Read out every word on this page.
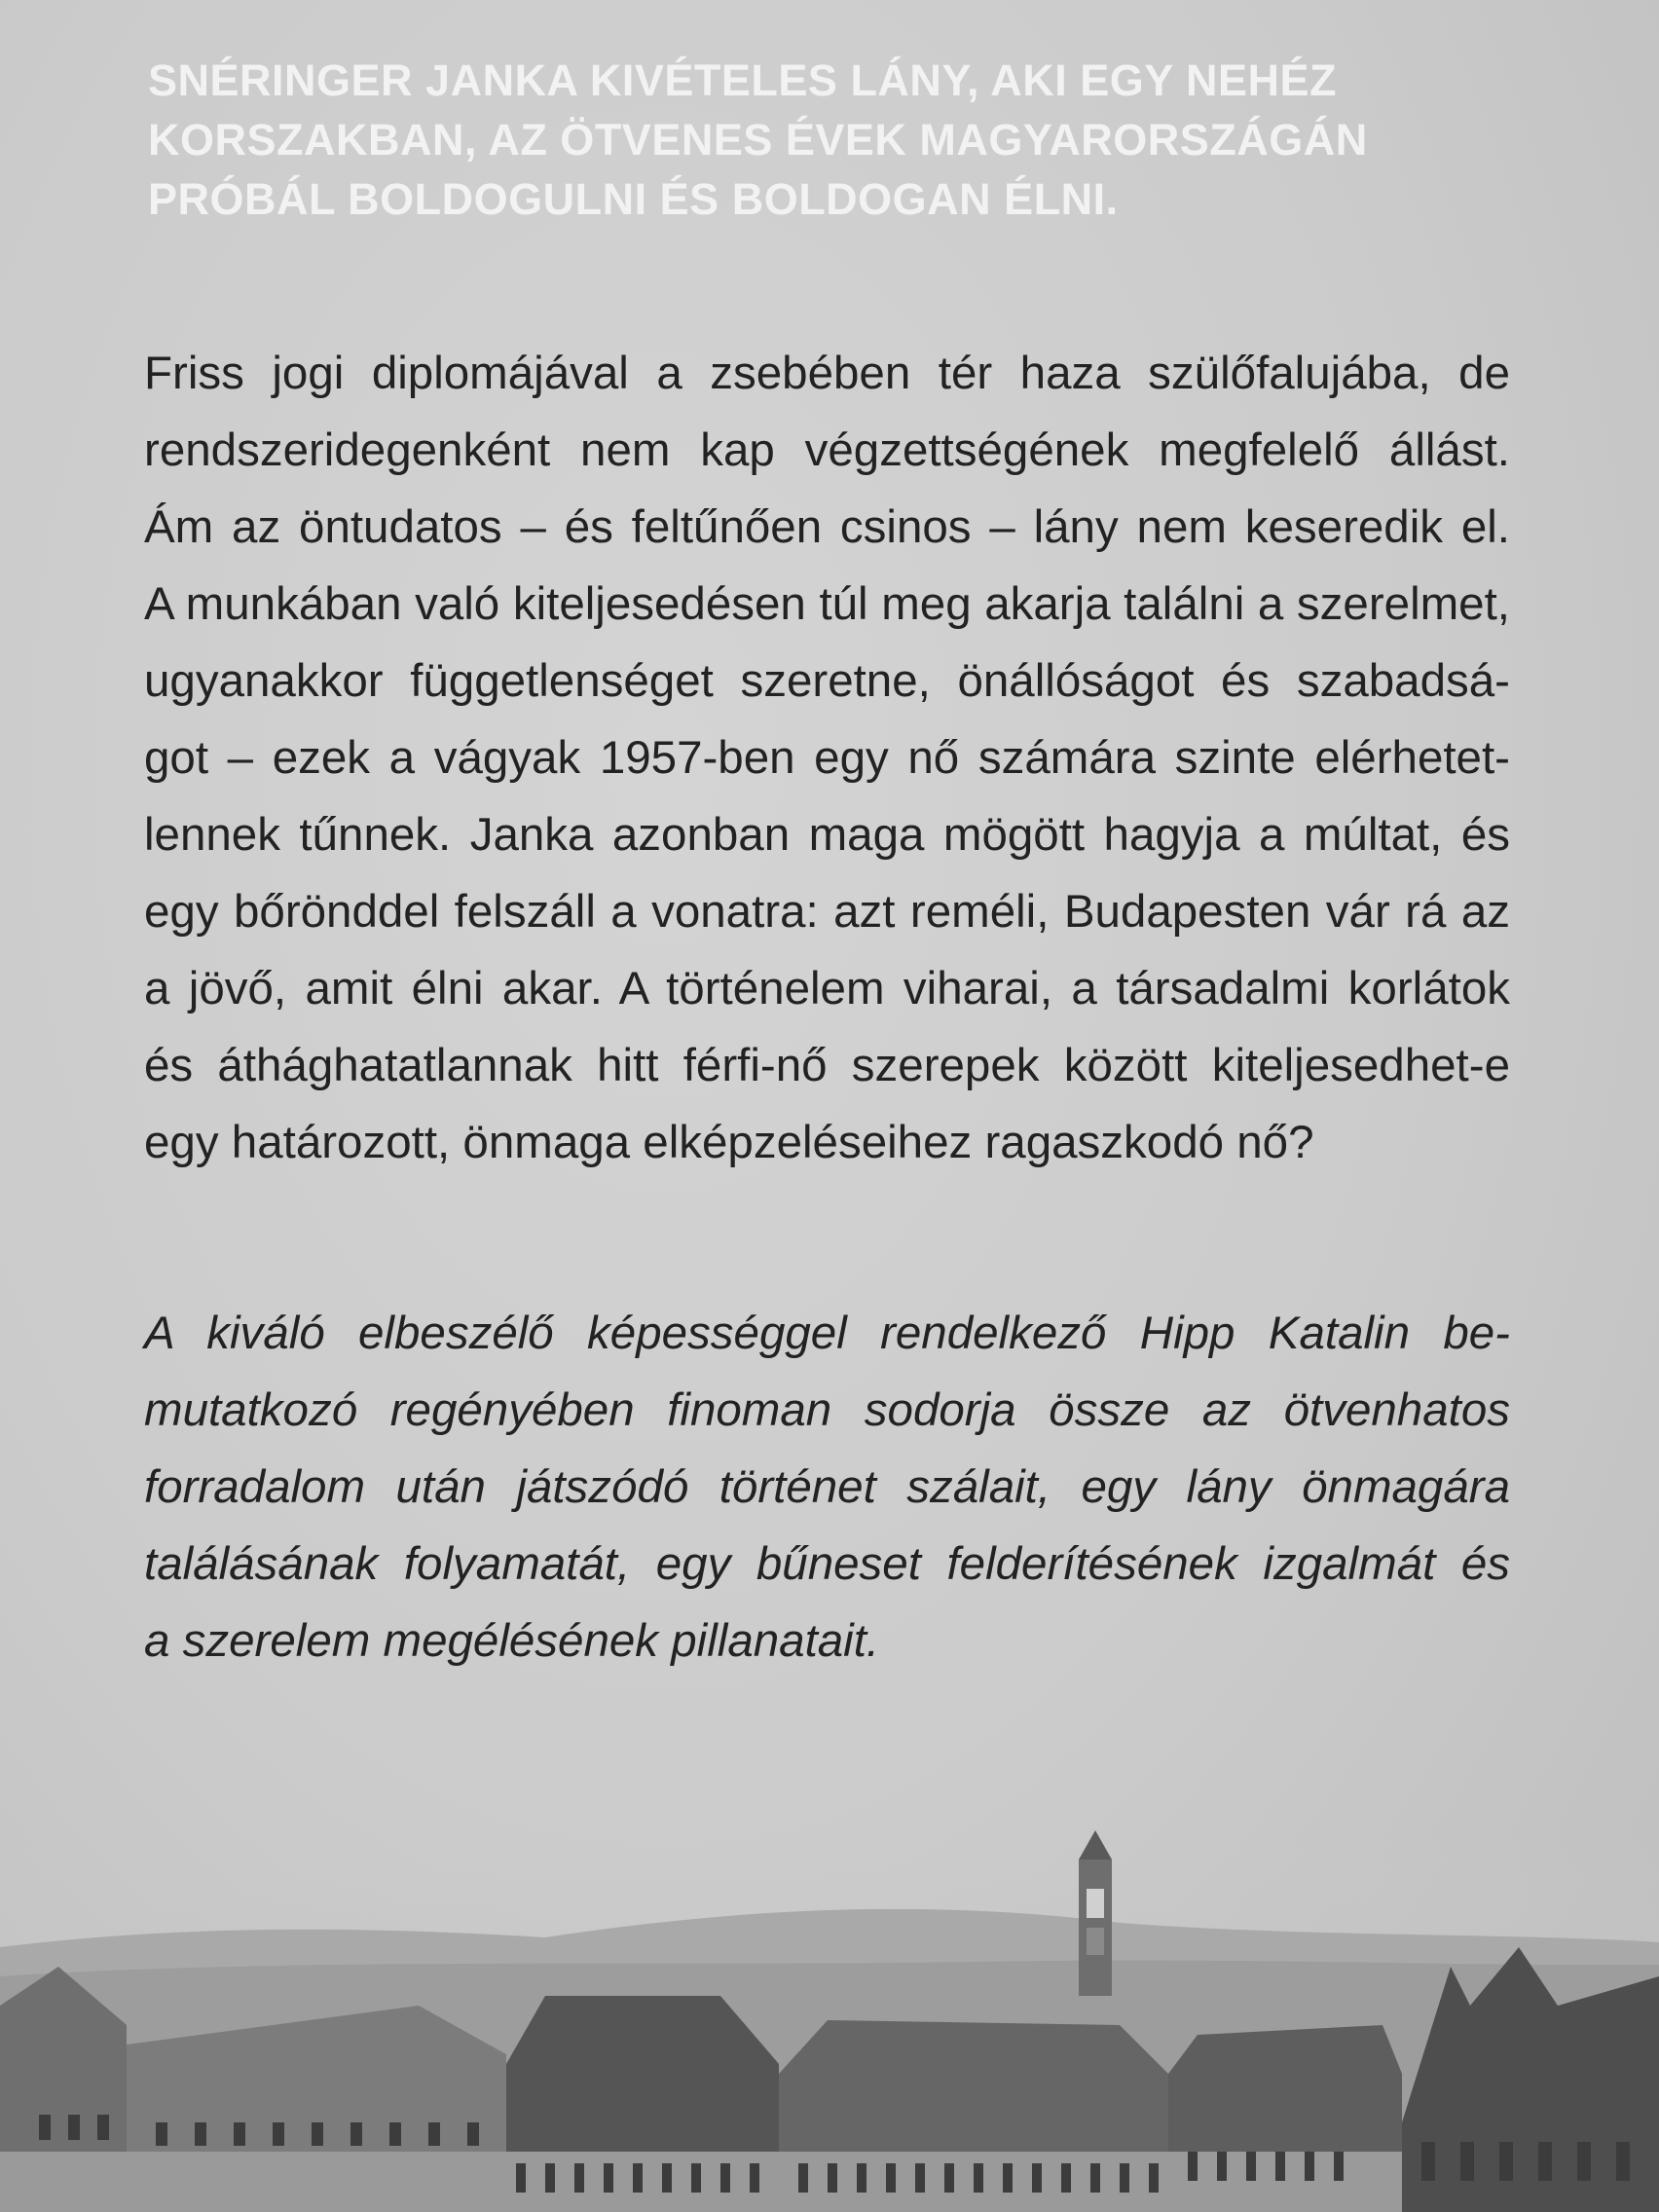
SNÉRINGER JANKA KIVÉTELES LÁNY, AKI EGY NEHÉZ
KORSZAKBAN, AZ ÖTVENES ÉVEK MAGYARORSZÁGÁN
PRÓBÁL BOLDOGULNI ÉS BOLDOGAN ÉLNI.
Friss jogi diplomájával a zsebében tér haza szülőfalujába, de
rendszeridegenként nem kap végzettségének megfelelő állást.
Ám az öntudatos – és feltűnően csinos – lány nem keseredik el.
A munkában való kiteljesedésen túl meg akarja találni a szerelmet,
ugyanakkor függetlenséget szeretne, önállóságot és szabadsá-
got – ezek a vágyak 1957-ben egy nő számára szinte elérhetet-
lennek tűnnek. Janka azonban maga mögött hagyja a múltat, és
egy bőrönddel felszáll a vonatra: azt reméli, Budapesten vár rá az
a jövő, amit élni akar. A történelem viharai, a társadalmi korlátok
és áthághatatlannak hitt férfi-nő szerepek között kiteljesedhet-e
egy határozott, önmaga elképzeléseihez ragaszkodó nő?
A kiváló elbeszélő képességgel rendelkező Hipp Katalin be-
mutatkozó regényében finoman sodorja össze az ötvenhatos
forradalom után játszódó történet szálait, egy lány önmagára
találásának folyamatát, egy bűneset felderítésének izgalmát és
a szerelem megélésének pillanatait.
